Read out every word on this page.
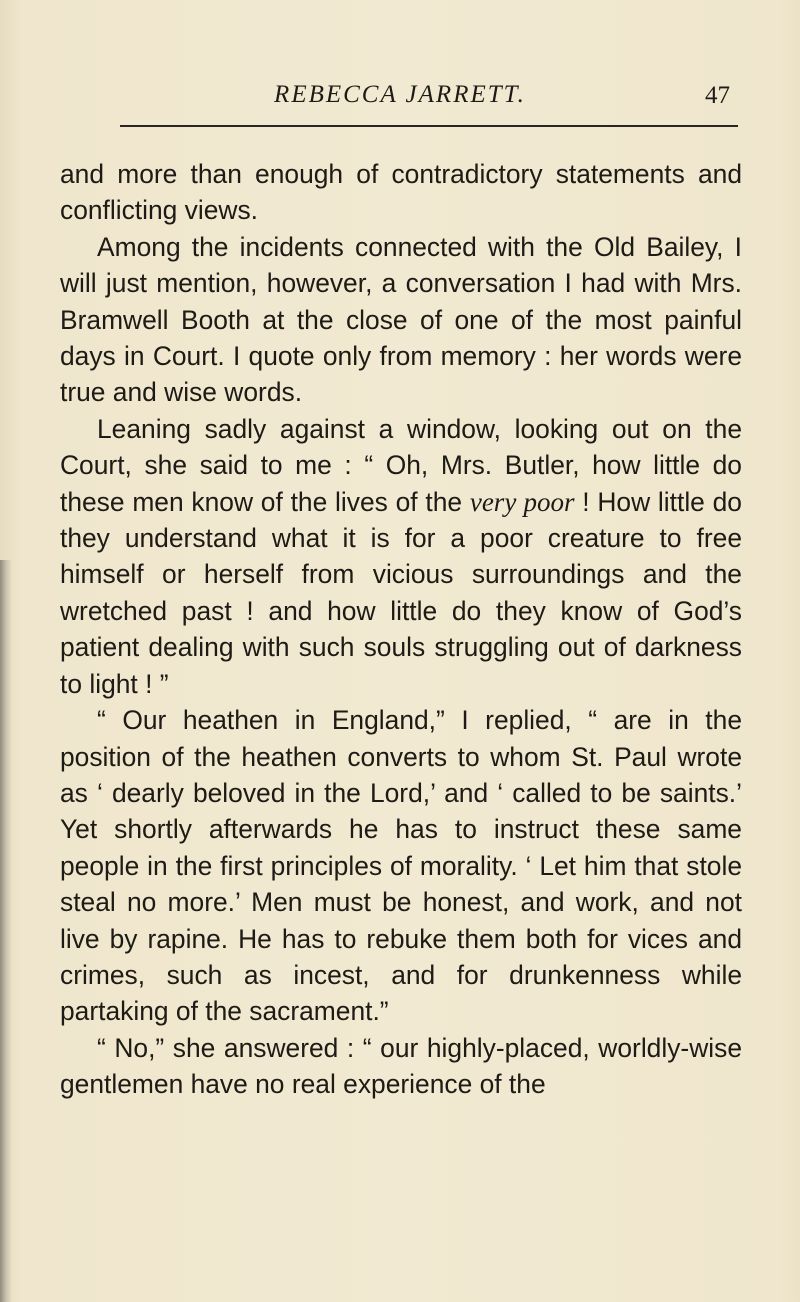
REBECCA JARRETT.	47

and more than enough of contradictory statements and conflicting views.

Among the incidents connected with the Old Bailey, I will just mention, however, a conversation I had with Mrs. Bramwell Booth at the close of one of the most painful days in Court. I quote only from memory : her words were true and wise words.

Leaning sadly against a window, looking out on the Court, she said to me : “ Oh, Mrs. Butler, how little do these men know of the lives of the very poor ! How little do they understand what it is for a poor creature to free himself or herself from vicious surroundings and the wretched past ! and how little do they know of God’s patient dealing with such souls struggling out of darkness to light ! ”

“ Our heathen in England,” I replied, “ are in the position of the heathen converts to whom St. Paul wrote as ‘ dearly beloved in the Lord,’ and ‘ called to be saints.’ Yet shortly afterwards he has to instruct these same people in the first principles of morality. ‘ Let him that stole steal no more.’ Men must be honest, and work, and not live by rapine. He has to rebuke them both for vices and crimes, such as incest, and for drunkenness while partaking of the sacrament.”

“ No,” she answered : “ our highly-placed, worldly-wise gentlemen have no real experience of the
